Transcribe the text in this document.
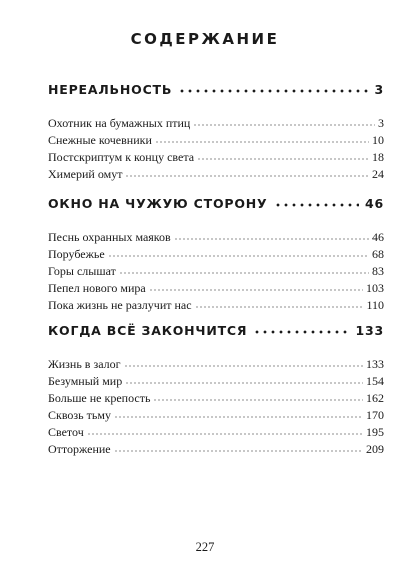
СОДЕРЖАНИЕ
НЕРЕАЛЬНОСТЬ	3
Охотник на бумажных птиц	3
Снежные кочевники	10
Постскриптум к концу света	18
Химерий омут	24
ОКНО НА ЧУЖУЮ СТОРОНУ	46
Песнь охранных маяков	46
Порубежье	68
Горы слышат	83
Пепел нового мира	103
Пока жизнь не разлучит нас	110
КОГДА ВСЁ ЗАКОНЧИТСЯ	133
Жизнь в залог	133
Безумный мир	154
Больше не крепость	162
Сквозь тьму	170
Светоч	195
Отторжение	209
227
